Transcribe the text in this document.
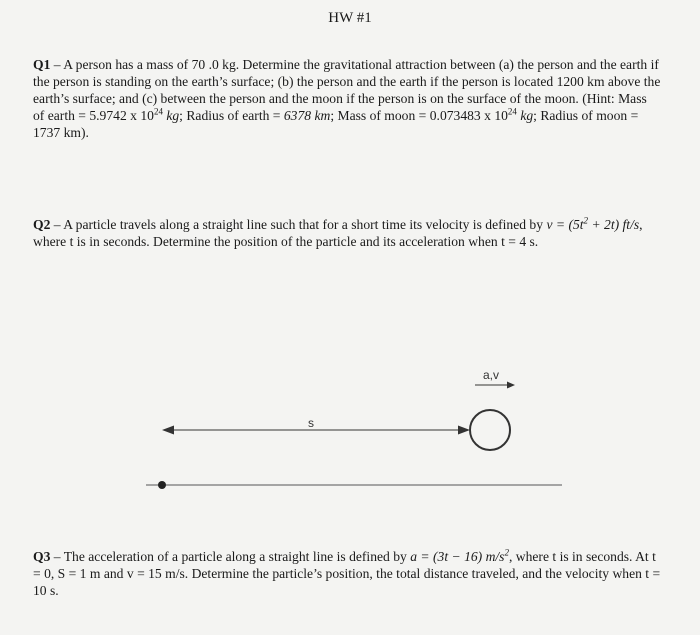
HW #1
Q1 – A person has a mass of 70 .0 kg. Determine the gravitational attraction between (a) the person and the earth if the person is standing on the earth’s surface; (b) the person and the earth if the person is located 1200 km above the earth’s surface; and (c) between the person and the moon if the person is on the surface of the moon. (Hint: Mass of earth = 5.9742 x $10^{24}$ kg; Radius of earth = 6378 km; Mass of moon = 0.073483 x $10^{24}$ kg; Radius of moon = 1737 km).
Q2 – A particle travels along a straight line such that for a short time its velocity is defined by $v = (5t^2 + 2t)$ ft/s, where t is in seconds. Determine the position of the particle and its acceleration when t = 4 s.
a,v
s
Q3 – The acceleration of a particle along a straight line is defined by a = (3t − 16) $m/s^2$, where t is in seconds. At t = 0, S = 1 m and v = 15 m/s. Determine the particle’s position, the total distance traveled, and the velocity when t = 10 s.
